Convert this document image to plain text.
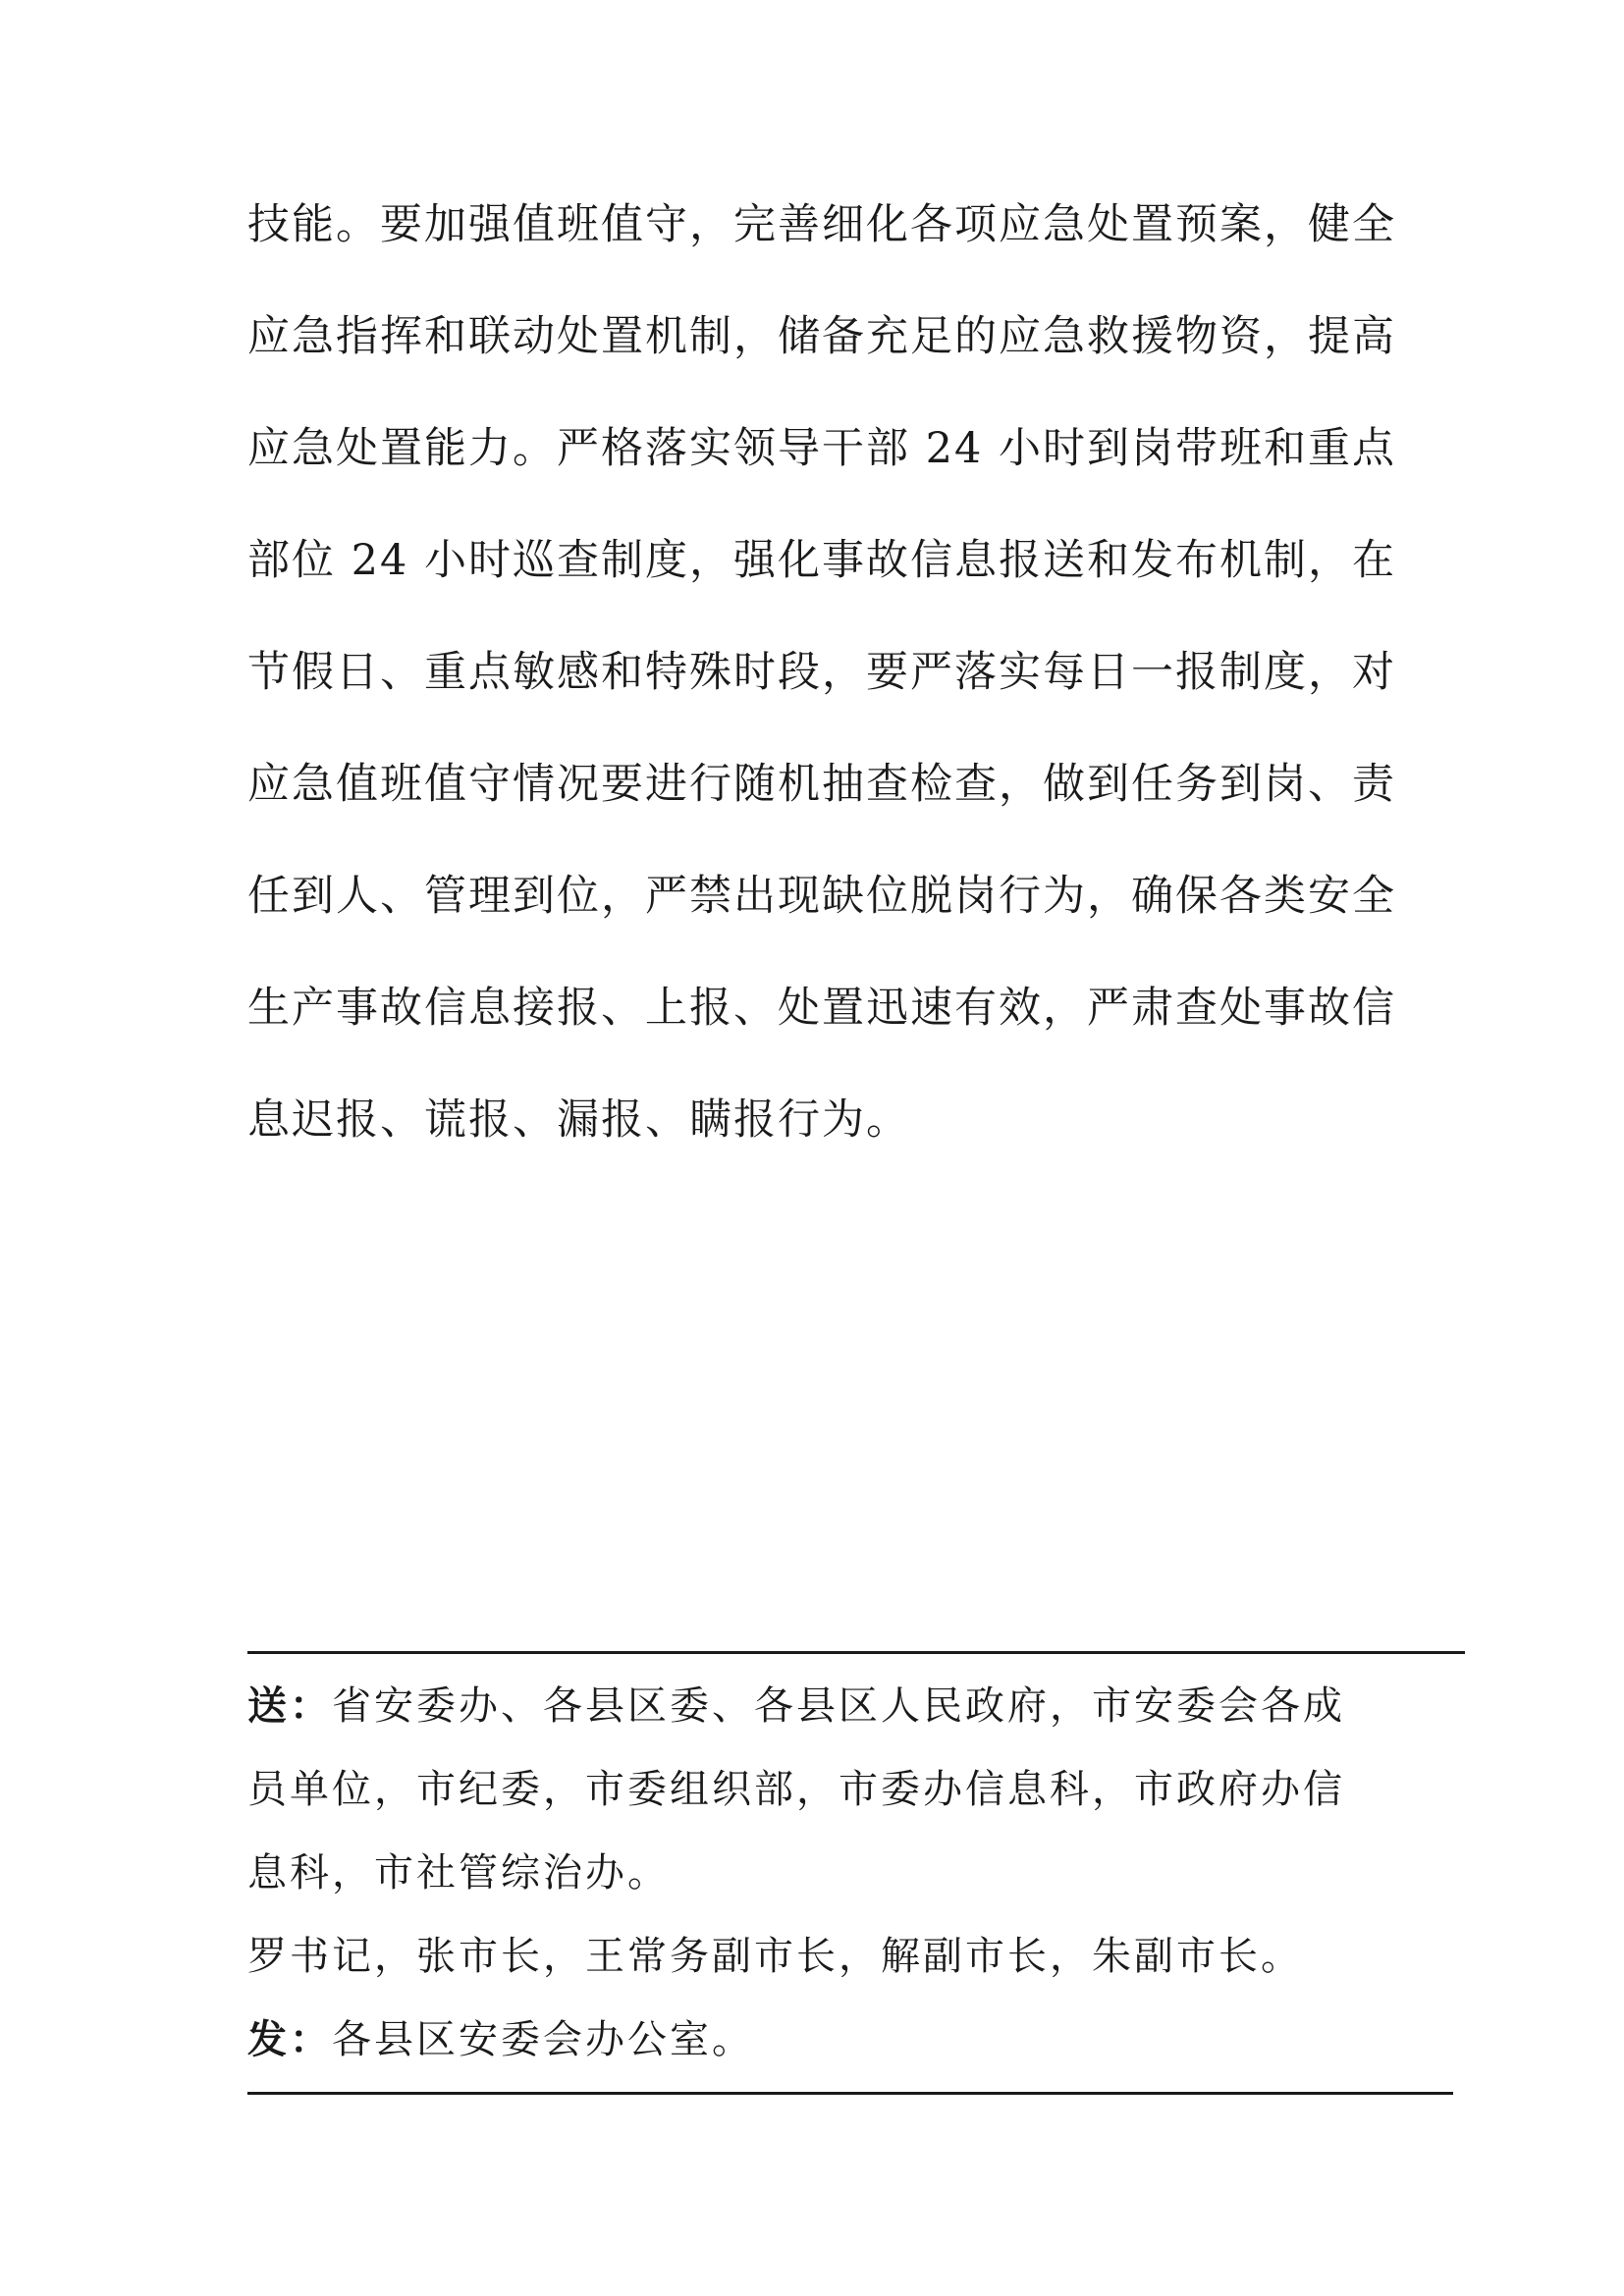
技能。要加强值班值守，完善细化各项应急处置预案，健全
应急指挥和联动处置机制，储备充足的应急救援物资，提高
应急处置能力。严格落实领导干部 24 小时到岗带班和重点
部位 24 小时巡查制度，强化事故信息报送和发布机制，在
节假日、重点敏感和特殊时段，要严落实每日一报制度，对
应急值班值守情况要进行随机抽查检查，做到任务到岗、责
任到人、管理到位，严禁出现缺位脱岗行为，确保各类安全
生产事故信息接报、上报、处置迅速有效，严肃查处事故信
息迟报、谎报、漏报、瞒报行为。
送：省安委办、各县区委、各县区人民政府，市安委会各成
员单位，市纪委，市委组织部，市委办信息科，市政府办信
息科，市社管综治办。
罗书记，张市长，王常务副市长，解副市长，朱副市长。
发：各县区安委会办公室。
